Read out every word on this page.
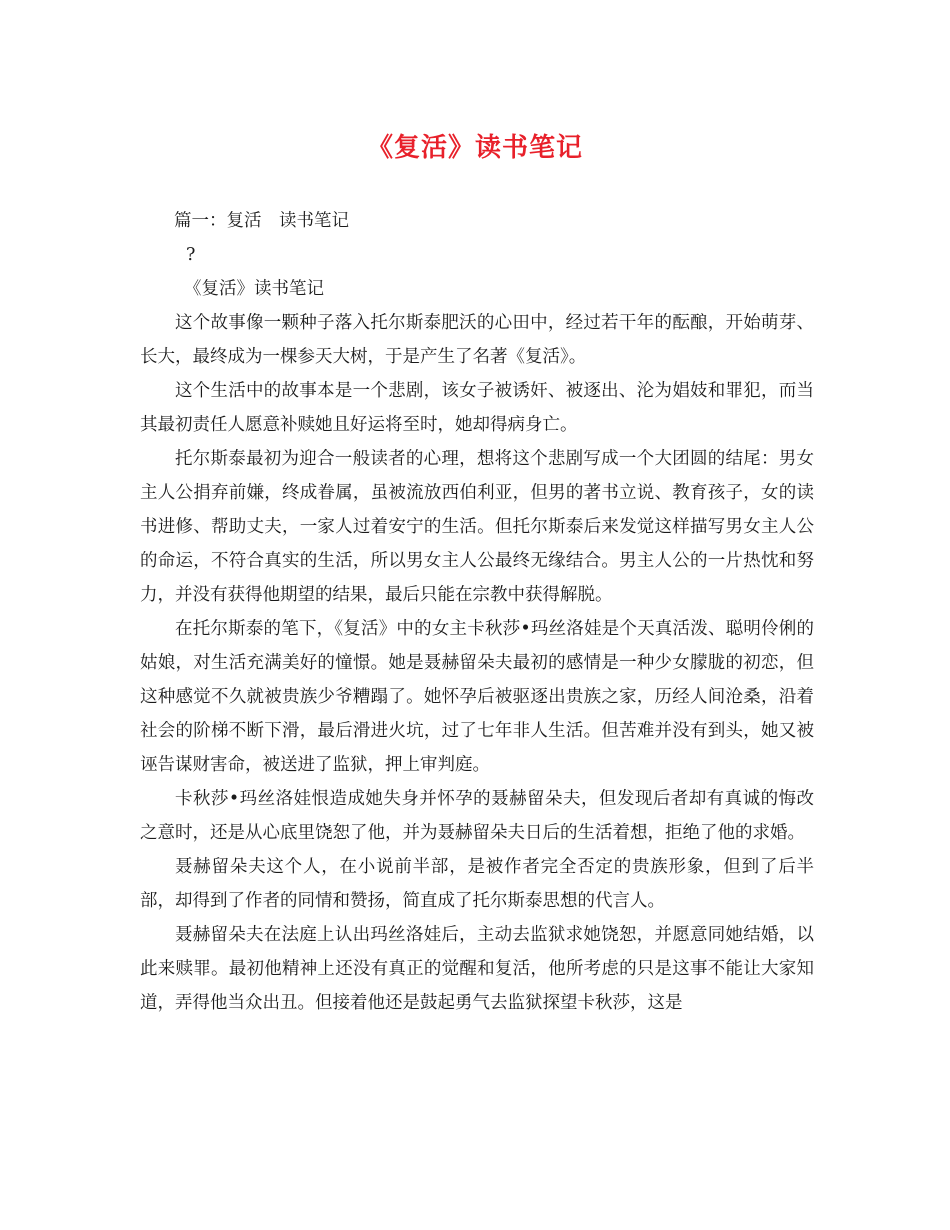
《复活》读书笔记

篇一：复活　读书笔记

?

《复活》读书笔记

这个故事像一颗种子落入托尔斯泰肥沃的心田中，经过若干年的酝酿，开始萌芽、长大，最终成为一棵参天大树，于是产生了名著《复活》。

这个生活中的故事本是一个悲剧，该女子被诱奸、被逐出、沦为娼妓和罪犯，而当其最初责任人愿意补赎她且好运将至时，她却得病身亡。

托尔斯泰最初为迎合一般读者的心理，想将这个悲剧写成一个大团圆的结尾：男女主人公捐弃前嫌，终成眷属，虽被流放西伯利亚，但男的著书立说、教育孩子，女的读书进修、帮助丈夫，一家人过着安宁的生活。但托尔斯泰后来发觉这样描写男女主人公的命运，不符合真实的生活，所以男女主人公最终无缘结合。男主人公的一片热忱和努力，并没有获得他期望的结果，最后只能在宗教中获得解脱。

在托尔斯泰的笔下，《复活》中的女主卡秋莎•玛丝洛娃是个天真活泼、聪明伶俐的姑娘，对生活充满美好的憧憬。她是聂赫留朵夫最初的感情是一种少女朦胧的初恋，但这种感觉不久就被贵族少爷糟蹋了。她怀孕后被驱逐出贵族之家，历经人间沧桑，沿着社会的阶梯不断下滑，最后滑进火坑，过了七年非人生活。但苦难并没有到头，她又被诬告谋财害命，被送进了监狱，押上审判庭。

卡秋莎•玛丝洛娃恨造成她失身并怀孕的聂赫留朵夫，但发现后者却有真诚的悔改之意时，还是从心底里饶恕了他，并为聂赫留朵夫日后的生活着想，拒绝了他的求婚。

聂赫留朵夫这个人，在小说前半部，是被作者完全否定的贵族形象，但到了后半部，却得到了作者的同情和赞扬，简直成了托尔斯泰思想的代言人。

聂赫留朵夫在法庭上认出玛丝洛娃后，主动去监狱求她饶恕，并愿意同她结婚，以此来赎罪。最初他精神上还没有真正的觉醒和复活，他所考虑的只是这事不能让大家知道，弄得他当众出丑。但接着他还是鼓起勇气去监狱探望卡秋莎，这是
